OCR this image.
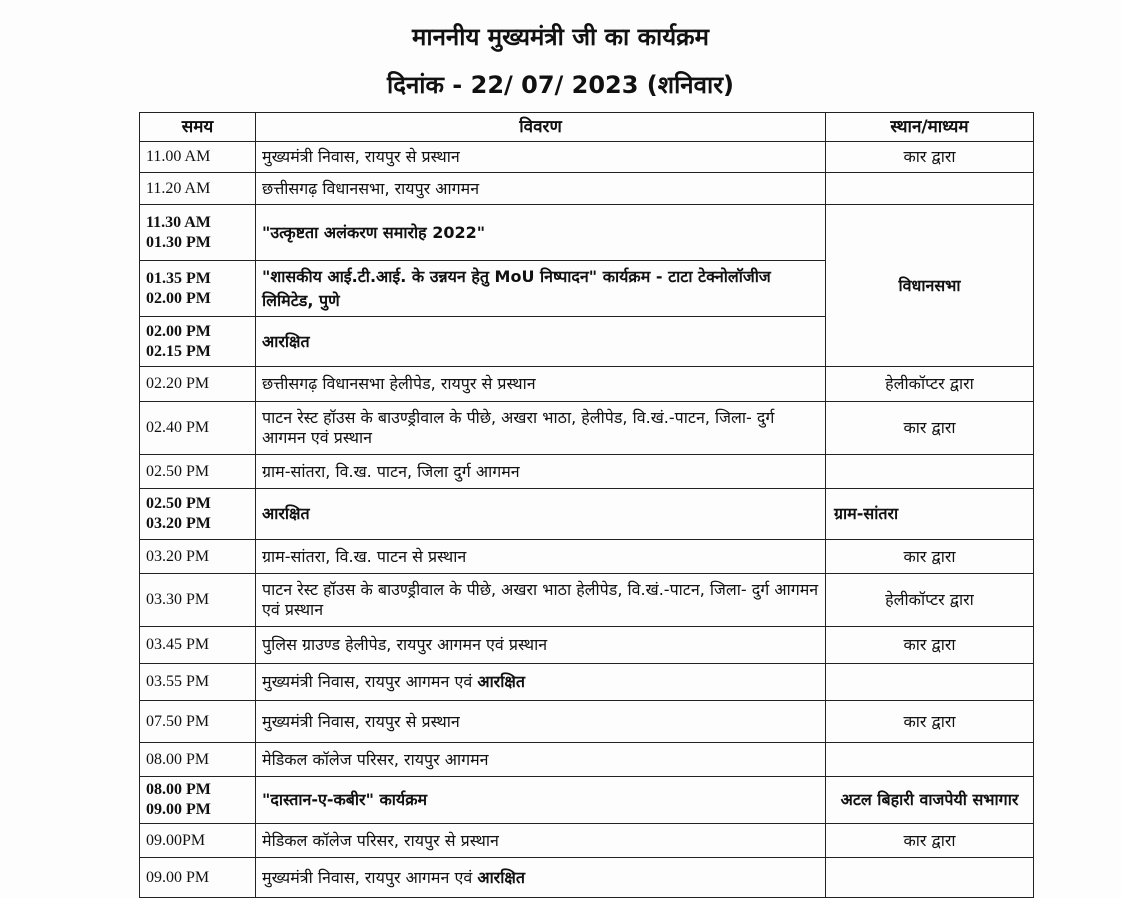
माननीय मुख्यमंत्री जी का कार्यक्रम
दिनांक - 22/ 07/ 2023 (शनिवार)
समय	विवरण	स्थान/माध्यम
11.00 AM	मुख्यमंत्री निवास, रायपुर से प्रस्थान	कार द्वारा
11.20 AM	छत्तीसगढ़ विधानसभा, रायपुर आगमन	

11.30 AM
01.30 PM	"उत्कृष्टता अलंकरण समारोह 2022"	विधानसभा

01.35 PM
02.00 PM	"शासकीय आई.टी.आई. के उन्नयन हेतु MoU निष्पादन" कार्यक्रम - टाटा टेक्नोलॉजीज लिमिटेड, पुणे	

02.00 PM
02.15 PM	आरक्षित	
02.20 PM	छत्तीसगढ़ विधानसभा हेलीपेड, रायपुर से प्रस्थान	हेलीकॉप्टर द्वारा
02.40 PM	पाटन रेस्ट हॉउस के बाउण्ड्रीवाल के पीछे, अखरा भाठा, हेलीपेड, वि.खं.-पाटन, जिला- दुर्ग आगमन एवं प्रस्थान	कार द्वारा
02.50 PM	ग्राम-सांतरा, वि.ख. पाटन, जिला दुर्ग आगमन	

02.50 PM
03.20 PM	आरक्षित	ग्राम-सांतरा
03.20 PM	ग्राम-सांतरा, वि.ख. पाटन से प्रस्थान	कार द्वारा
03.30 PM	पाटन रेस्ट हॉउस के बाउण्ड्रीवाल के पीछे, अखरा भाठा हेलीपेड, वि.खं.-पाटन, जिला- दुर्ग आगमन एवं प्रस्थान	हेलीकॉप्टर द्वारा
03.45 PM	पुलिस ग्राउण्ड हेलीपेड, रायपुर आगमन एवं प्रस्थान	कार द्वारा
03.55 PM	मुख्यमंत्री निवास, रायपुर आगमन एवं आरक्षित	
07.50 PM	मुख्यमंत्री निवास, रायपुर से प्रस्थान	कार द्वारा
08.00 PM	मेडिकल कॉलेज परिसर, रायपुर आगमन	

08.00 PM
09.00 PM	"दास्तान-ए-कबीर" कार्यक्रम	अटल बिहारी वाजपेयी सभागार
09.00PM	मेडिकल कॉलेज परिसर, रायपुर से प्रस्थान	कार द्वारा
09.00 PM	मुख्यमंत्री निवास, रायपुर आगमन एवं आरक्षित	
